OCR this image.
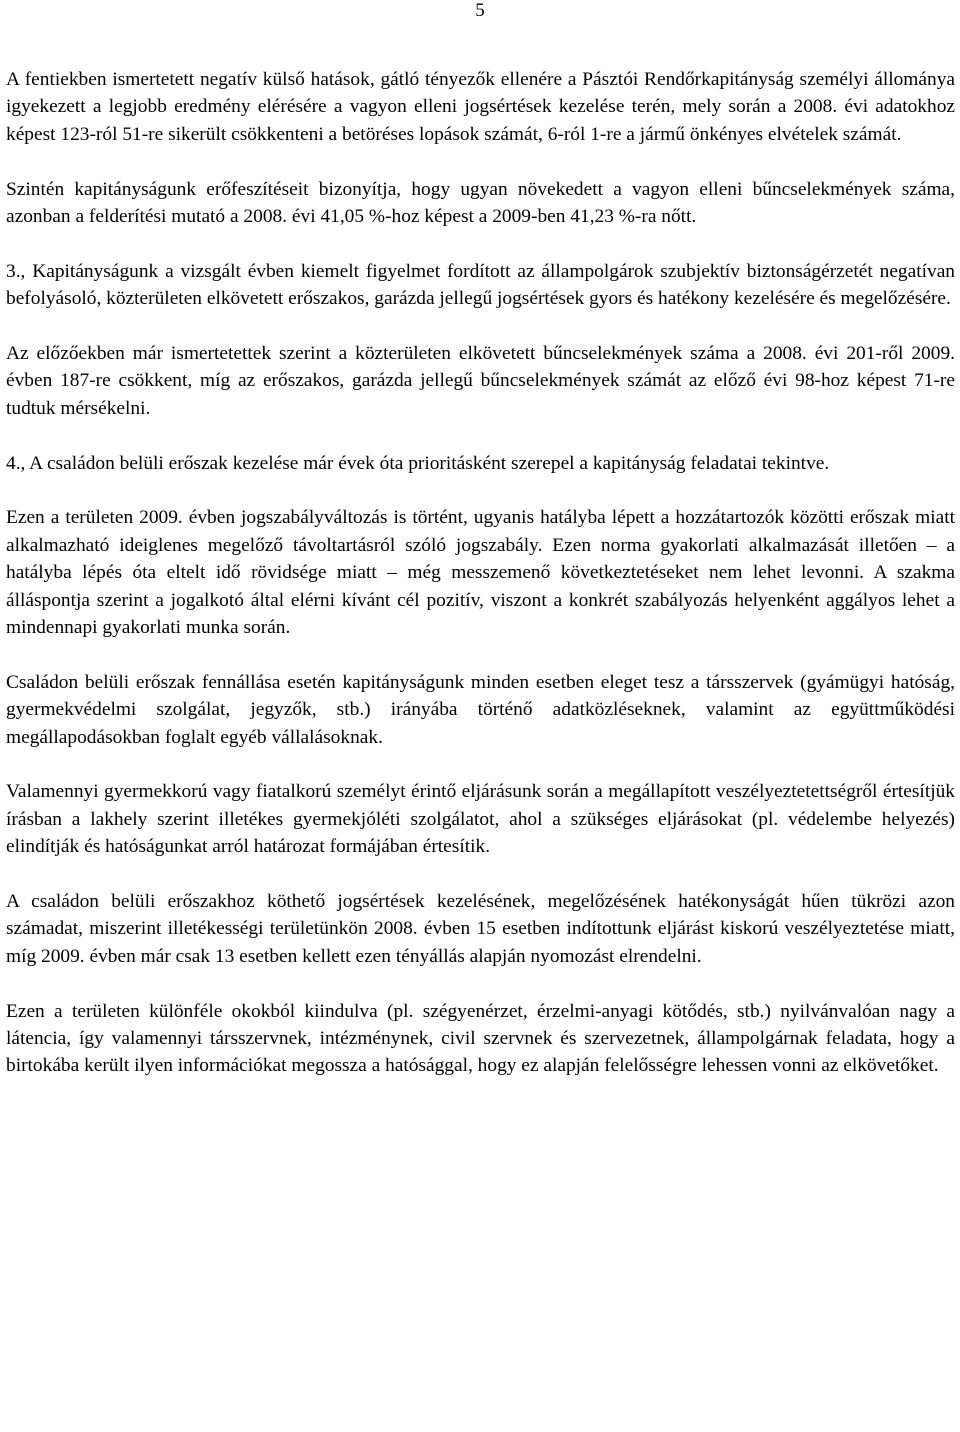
5

A fentiekben ismertetett negatív külső hatások, gátló tényezők ellenére a Pásztói Rendőrkapitányság személyi állománya igyekezett a legjobb eredmény elérésére a vagyon elleni jogsértések kezelése terén, mely során a 2008. évi adatokhoz képest 123-ról 51-re sikerült csökkenteni a betöréses lopások számát, 6-ról 1-re a jármű önkényes elvételek számát.

Szintén kapitányságunk erőfeszítéseit bizonyítja, hogy ugyan növekedett a vagyon elleni bűncselekmények száma, azonban a felderítési mutató a 2008. évi 41,05 %-hoz képest a 2009-ben 41,23 %-ra nőtt.

3., Kapitányságunk a vizsgált évben kiemelt figyelmet fordított az állampolgárok szubjektív biztonságérzetét negatívan befolyásoló, közterületen elkövetett erőszakos, garázda jellegű jogsértések gyors és hatékony kezelésére és megelőzésére.

Az előzőekben már ismertetettek szerint a közterületen elkövetett bűncselekmények száma a 2008. évi 201-ről 2009. évben 187-re csökkent, míg az erőszakos, garázda jellegű bűncselekmények számát az előző évi 98-hoz képest 71-re tudtuk mérsékelni.

4., A családon belüli erőszak kezelése már évek óta prioritásként szerepel a kapitányság feladatai tekintve.

Ezen a területen 2009. évben jogszabályváltozás is történt, ugyanis hatályba lépett a hozzátartozók közötti erőszak miatt alkalmazható ideiglenes megelőző távoltartásról szóló jogszabály. Ezen norma gyakorlati alkalmazását illetően – a hatályba lépés óta eltelt idő rövidsége miatt – még messzemenő következtetéseket nem lehet levonni. A szakma álláspontja szerint a jogalkotó által elérni kívánt cél pozitív, viszont a konkrét szabályozás helyenként aggályos lehet a mindennapi gyakorlati munka során.

Családon belüli erőszak fennállása esetén kapitányságunk minden esetben eleget tesz a társszervek (gyámügyi hatóság, gyermekvédelmi szolgálat, jegyzők, stb.) irányába történő adatközléseknek, valamint az együttműködési megállapodásokban foglalt egyéb vállalásoknak.

Valamennyi gyermekkorú vagy fiatalkorú személyt érintő eljárásunk során a megállapított veszélyeztetettségről értesítjük írásban a lakhely szerint illetékes gyermekjóléti szolgálatot, ahol a szükséges eljárásokat (pl. védelembe helyezés) elindítják és hatóságunkat arról határozat formájában értesítik.

A családon belüli erőszakhoz köthető jogsértések kezelésének, megelőzésének hatékonyságát hűen tükrözi azon számadat, miszerint illetékességi területünkön 2008. évben 15 esetben indítottunk eljárást kiskorú veszélyeztetése miatt, míg 2009. évben már csak 13 esetben kellett ezen tényállás alapján nyomozást elrendelni.

Ezen a területen különféle okokból kiindulva (pl. szégyenérzet, érzelmi-anyagi kötődés, stb.) nyilvánvalóan nagy a látencia, így valamennyi társszervnek, intézménynek, civil szervnek és szervezetnek, állampolgárnak feladata, hogy a birtokába került ilyen információkat megossza a hatósággal, hogy ez alapján felelősségre lehessen vonni az elkövetőket.
